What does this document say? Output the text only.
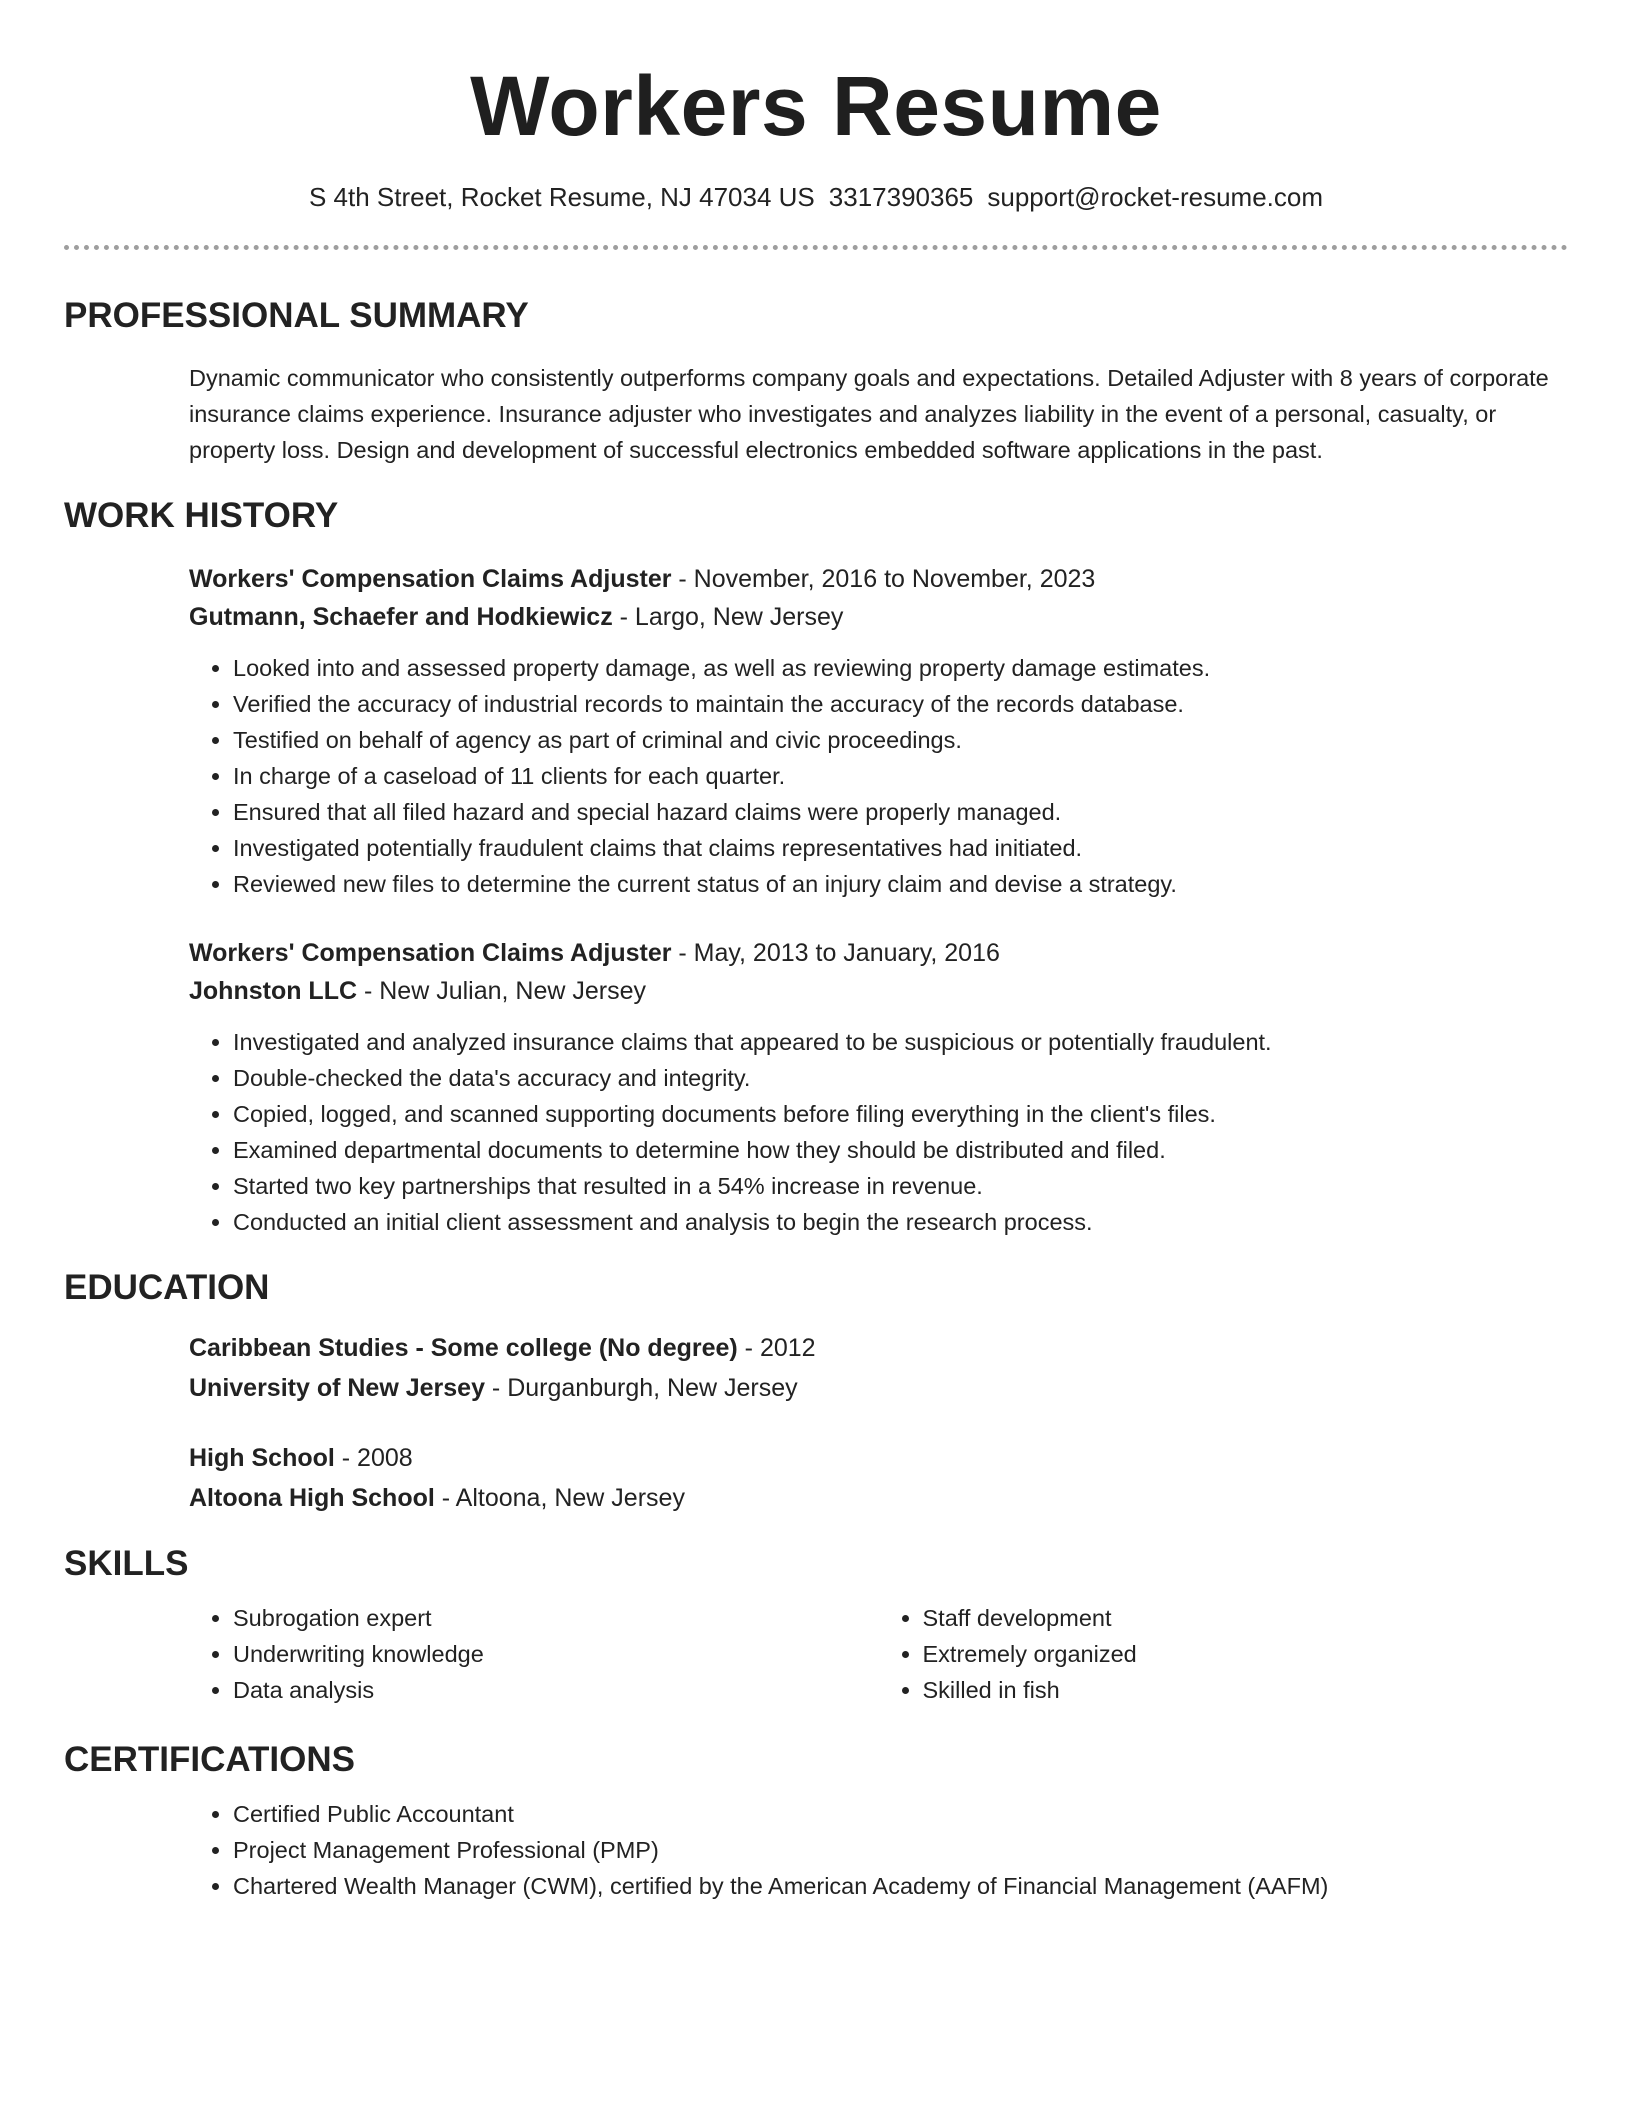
Workers Resume
S 4th Street, Rocket Resume, NJ 47034 US 3317390365 support@rocket-resume.com
PROFESSIONAL SUMMARY

Dynamic communicator who consistently outperforms company goals and expectations. Detailed Adjuster with 8 years of corporate insurance claims experience. Insurance adjuster who investigates and analyzes liability in the event of a personal, casualty, or property loss. Design and development of successful electronics embedded software applications in the past.

WORK HISTORY
Workers' Compensation Claims Adjuster - November, 2016 to November, 2023
Gutmann, Schaefer and Hodkiewicz - Largo, New Jersey
• Looked into and assessed property damage, as well as reviewing property damage estimates.
• Verified the accuracy of industrial records to maintain the accuracy of the records database.
• Testified on behalf of agency as part of criminal and civic proceedings.
• In charge of a caseload of 11 clients for each quarter.
• Ensured that all filed hazard and special hazard claims were properly managed.
• Investigated potentially fraudulent claims that claims representatives had initiated.
• Reviewed new files to determine the current status of an injury claim and devise a strategy.
Workers' Compensation Claims Adjuster - May, 2013 to January, 2016
Johnston LLC - New Julian, New Jersey
• Investigated and analyzed insurance claims that appeared to be suspicious or potentially fraudulent.
• Double-checked the data's accuracy and integrity.
• Copied, logged, and scanned supporting documents before filing everything in the client's files.
• Examined departmental documents to determine how they should be distributed and filed.
• Started two key partnerships that resulted in a 54% increase in revenue.
• Conducted an initial client assessment and analysis to begin the research process.
EDUCATION
Caribbean Studies - Some college (No degree) - 2012
University of New Jersey - Durganburgh, New Jersey
High School - 2008
Altoona High School - Altoona, New Jersey
SKILLS
• Subrogation expert
• Underwriting knowledge
• Data analysis
• Staff development
• Extremely organized
• Skilled in fish
CERTIFICATIONS
• Certified Public Accountant
• Project Management Professional (PMP)
• Chartered Wealth Manager (CWM), certified by the American Academy of Financial Management (AAFM)
